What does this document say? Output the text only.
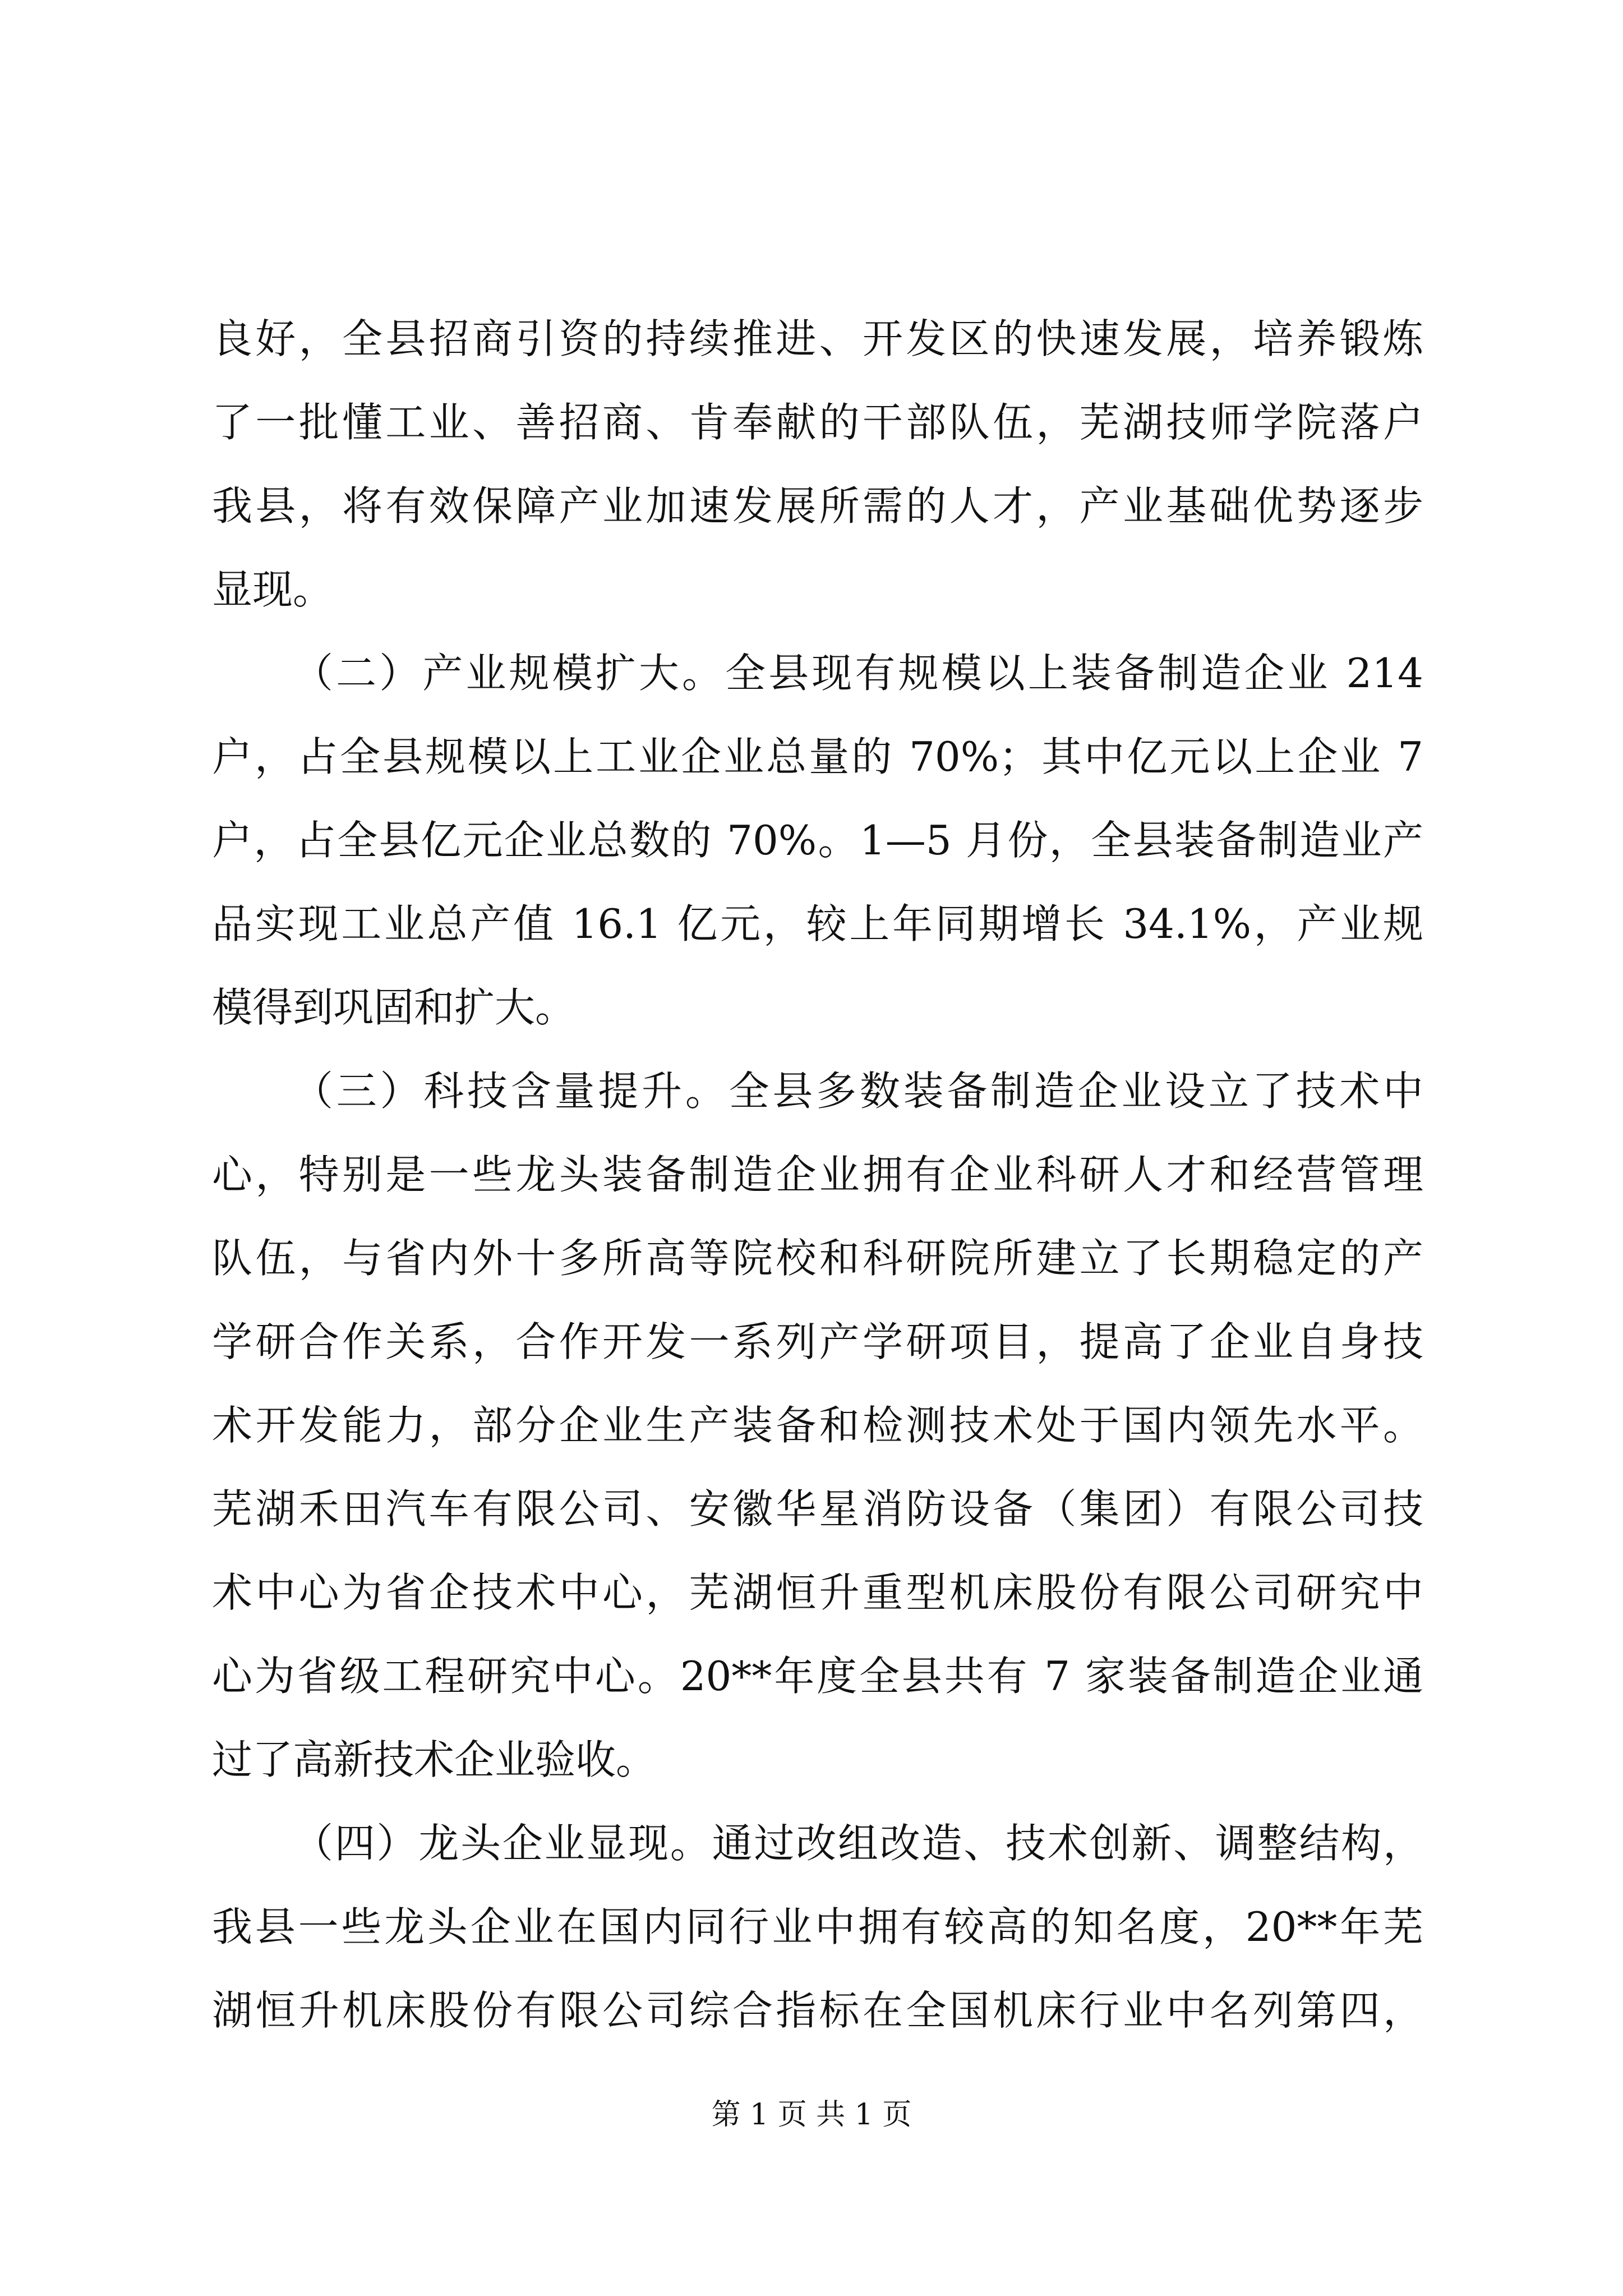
良好，全县招商引资的持续推进、开发区的快速发展，培养锻炼
了一批懂工业、善招商、肯奉献的干部队伍，芜湖技师学院落户
我县，将有效保障产业加速发展所需的人才，产业基础优势逐步
显现。
（二）产业规模扩大。全县现有规模以上装备制造企业 214
户，占全县规模以上工业企业总量的 70%；其中亿元以上企业 7
户，占全县亿元企业总数的 70%。1—5 月份，全县装备制造业产
品实现工业总产值 16.1 亿元，较上年同期增长 34.1%，产业规
模得到巩固和扩大。
（三）科技含量提升。全县多数装备制造企业设立了技术中
心，特别是一些龙头装备制造企业拥有企业科研人才和经营管理
队伍，与省内外十多所高等院校和科研院所建立了长期稳定的产
学研合作关系，合作开发一系列产学研项目，提高了企业自身技
术开发能力，部分企业生产装备和检测技术处于国内领先水平。
芜湖禾田汽车有限公司、安徽华星消防设备（集团）有限公司技
术中心为省企技术中心，芜湖恒升重型机床股份有限公司研究中
心为省级工程研究中心。20**年度全县共有 7 家装备制造企业通
过了高新技术企业验收。
（四）龙头企业显现。通过改组改造、技术创新、调整结构，
我县一些龙头企业在国内同行业中拥有较高的知名度，20**年芜
湖恒升机床股份有限公司综合指标在全国机床行业中名列第四，
第 1 页 共 1 页
